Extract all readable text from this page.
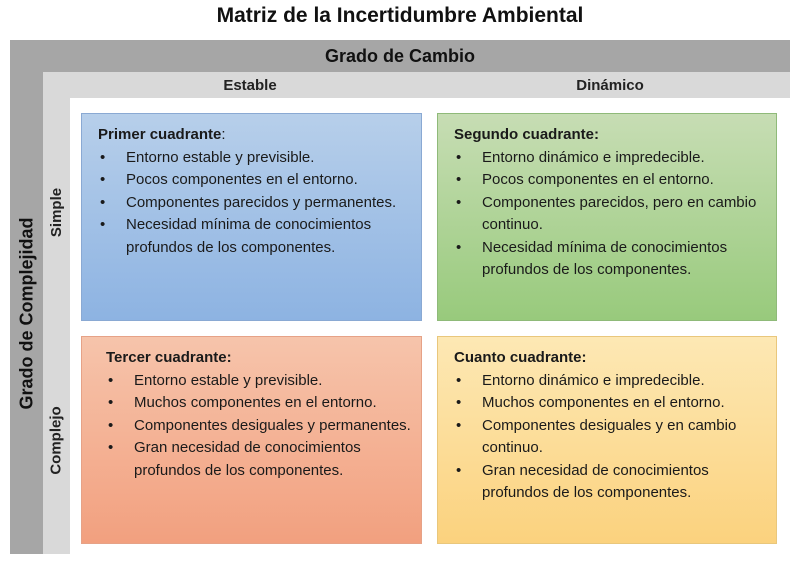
Matriz de la Incertidumbre Ambiental
Grado de Cambio
Grado de Complejidad
Estable	Dinámico
Simple
Complejo
Primer cuadrante:
• Entorno estable y previsible.
• Pocos componentes en el entorno.
• Componentes parecidos y permanentes.
• Necesidad mínima de conocimientos profundos de los componentes.
Segundo cuadrante:
• Entorno dinámico e impredecible.
• Pocos componentes en el entorno.
• Componentes parecidos, pero en cambio continuo.
• Necesidad mínima de conocimientos profundos de los componentes.
Tercer cuadrante:
• Entorno estable y previsible.
• Muchos componentes en el entorno.
• Componentes desiguales y permanentes.
• Gran necesidad de conocimientos profundos de los componentes.
Cuanto cuadrante:
• Entorno dinámico e impredecible.
• Muchos componentes en el entorno.
• Componentes desiguales y en cambio continuo.
• Gran necesidad de conocimientos profundos de los componentes.
